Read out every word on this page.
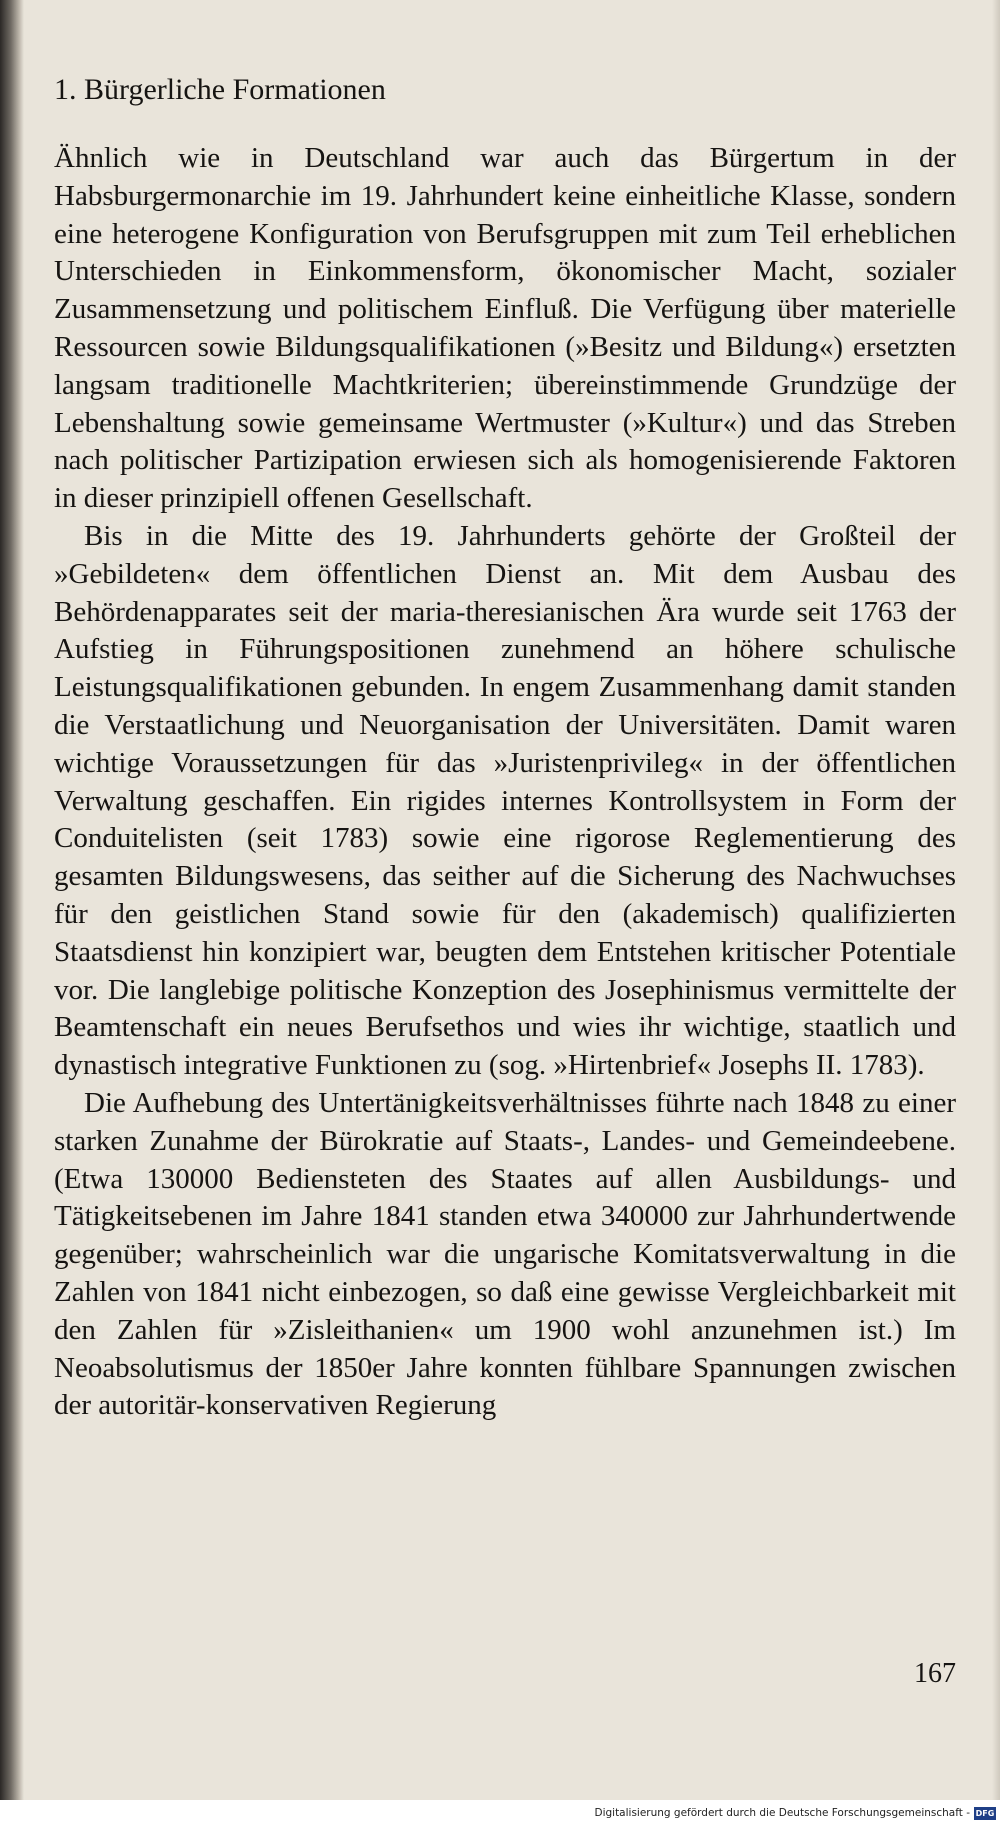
1. Bürgerliche Formationen

Ähnlich wie in Deutschland war auch das Bürgertum in der Habsburgermonarchie im 19. Jahrhundert keine einheitliche Klasse, sondern eine heterogene Konfiguration von Berufsgruppen mit zum Teil erheblichen Unterschieden in Einkommensform, ökonomischer Macht, sozialer Zusammensetzung und politischem Einfluß. Die Verfügung über materielle Ressourcen sowie Bildungsqualifikationen (»Besitz und Bildung«) ersetzten langsam traditionelle Machtkriterien; übereinstimmende Grundzüge der Lebenshaltung sowie gemeinsame Wertmuster (»Kultur«) und das Streben nach politischer Partizipation erwiesen sich als homogenisierende Faktoren in dieser prinzipiell offenen Gesellschaft.

Bis in die Mitte des 19. Jahrhunderts gehörte der Großteil der »Gebildeten« dem öffentlichen Dienst an. Mit dem Ausbau des Behördenapparates seit der maria-theresianischen Ära wurde seit 1763 der Aufstieg in Führungspositionen zunehmend an höhere schulische Leistungsqualifikationen gebunden. In engem Zusammenhang damit standen die Verstaatlichung und Neuorganisation der Universitäten. Damit waren wichtige Voraussetzungen für das »Juristenprivileg« in der öffentlichen Verwaltung geschaffen. Ein rigides internes Kontrollsystem in Form der Conduitelisten (seit 1783) sowie eine rigorose Reglementierung des gesamten Bildungswesens, das seither auf die Sicherung des Nachwuchses für den geistlichen Stand sowie für den (akademisch) qualifizierten Staatsdienst hin konzipiert war, beugten dem Entstehen kritischer Potentiale vor. Die langlebige politische Konzeption des Josephinismus vermittelte der Beamtenschaft ein neues Berufsethos und wies ihr wichtige, staatlich und dynastisch integrative Funktionen zu (sog. »Hirtenbrief« Josephs II. 1783).

Die Aufhebung des Untertänigkeitsverhältnisses führte nach 1848 zu einer starken Zunahme der Bürokratie auf Staats-, Landes- und Gemeindeebene. (Etwa 130000 Bediensteten des Staates auf allen Ausbildungs- und Tätigkeitsebenen im Jahre 1841 standen etwa 340000 zur Jahrhundertwende gegenüber; wahrscheinlich war die ungarische Komitatsverwaltung in die Zahlen von 1841 nicht einbezogen, so daß eine gewisse Vergleichbarkeit mit den Zahlen für »Zisleithanien« um 1900 wohl anzunehmen ist.) Im Neoabsolutismus der 1850er Jahre konnten fühlbare Spannungen zwischen der autoritär-konservativen Regierung

167
Digitalisierung gefördert durch die Deutsche Forschungsgemeinschaft - DFG
